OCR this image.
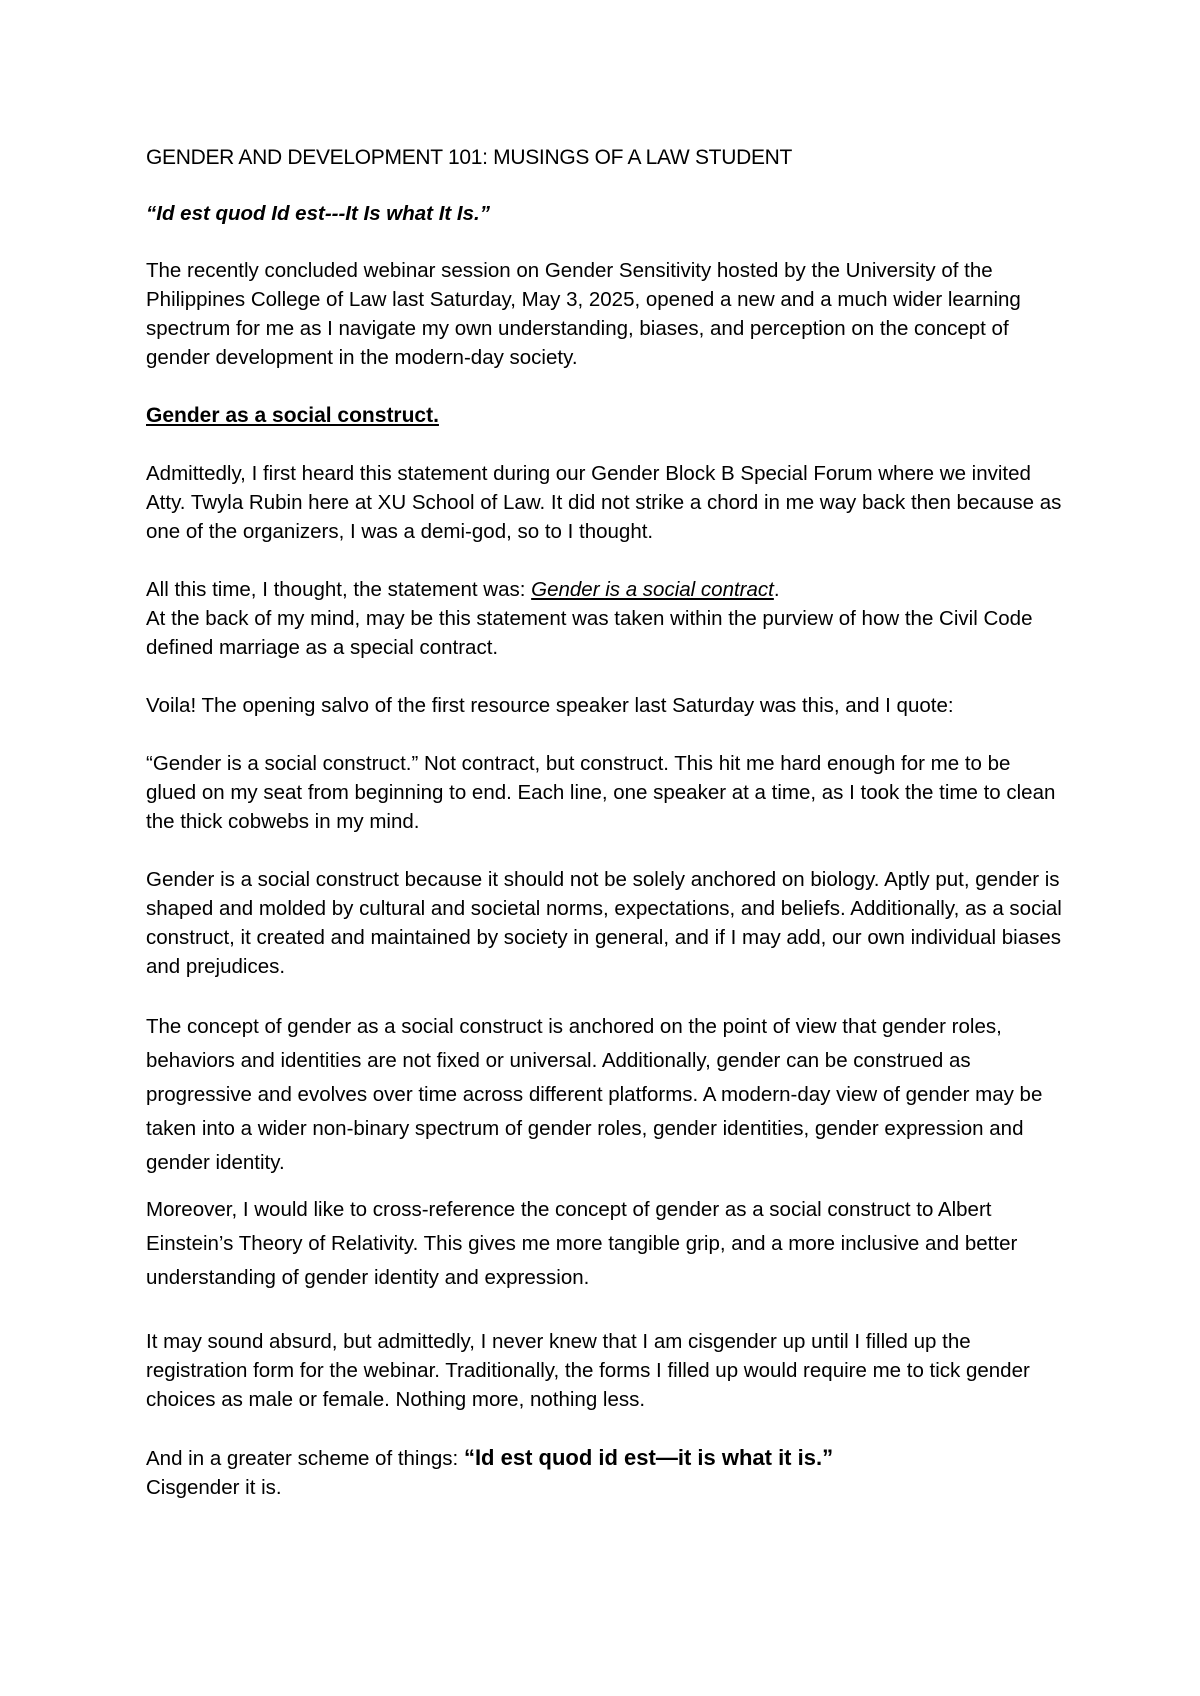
GENDER AND DEVELOPMENT 101: MUSINGS OF A LAW STUDENT

“Id est quod Id est---It Is what It Is.”

The recently concluded webinar session on Gender Sensitivity hosted by the University of the Philippines College of Law last Saturday, May 3, 2025, opened a new and a much wider learning spectrum for me as I navigate my own understanding, biases, and perception on the concept of gender development in the modern-day society.

Gender as a social construct.

Admittedly, I first heard this statement during our Gender Block B Special Forum where we invited Atty. Twyla Rubin here at XU School of Law. It did not strike a chord in me way back then because as one of the organizers, I was a demi-god, so to I thought.

All this time, I thought, the statement was: Gender is a social contract.

At the back of my mind, may be this statement was taken within the purview of how the Civil Code defined marriage as a special contract.

Voila! The opening salvo of the first resource speaker last Saturday was this, and I quote:

“Gender is a social construct.” Not contract, but construct. This hit me hard enough for me to be glued on my seat from beginning to end. Each line, one speaker at a time, as I took the time to clean the thick cobwebs in my mind.

Gender is a social construct because it should not be solely anchored on biology. Aptly put, gender is shaped and molded by cultural and societal norms, expectations, and beliefs. Additionally, as a social construct, it created and maintained by society in general, and if I may add, our own individual biases and prejudices.

The concept of gender as a social construct is anchored on the point of view that gender roles, behaviors and identities are not fixed or universal. Additionally, gender can be construed as progressive and evolves over time across different platforms. A modern-day view of gender may be taken into a wider non-binary spectrum of gender roles, gender identities, gender expression and gender identity.

Moreover, I would like to cross-reference the concept of gender as a social construct to Albert Einstein’s Theory of Relativity. This gives me more tangible grip, and a more inclusive and better understanding of gender identity and expression.

It may sound absurd, but admittedly, I never knew that I am cisgender up until I filled up the registration form for the webinar. Traditionally, the forms I filled up would require me to tick gender choices as male or female. Nothing more, nothing less.

And in a greater scheme of things: “Id est quod id est—it is what it is.”

Cisgender it is.
